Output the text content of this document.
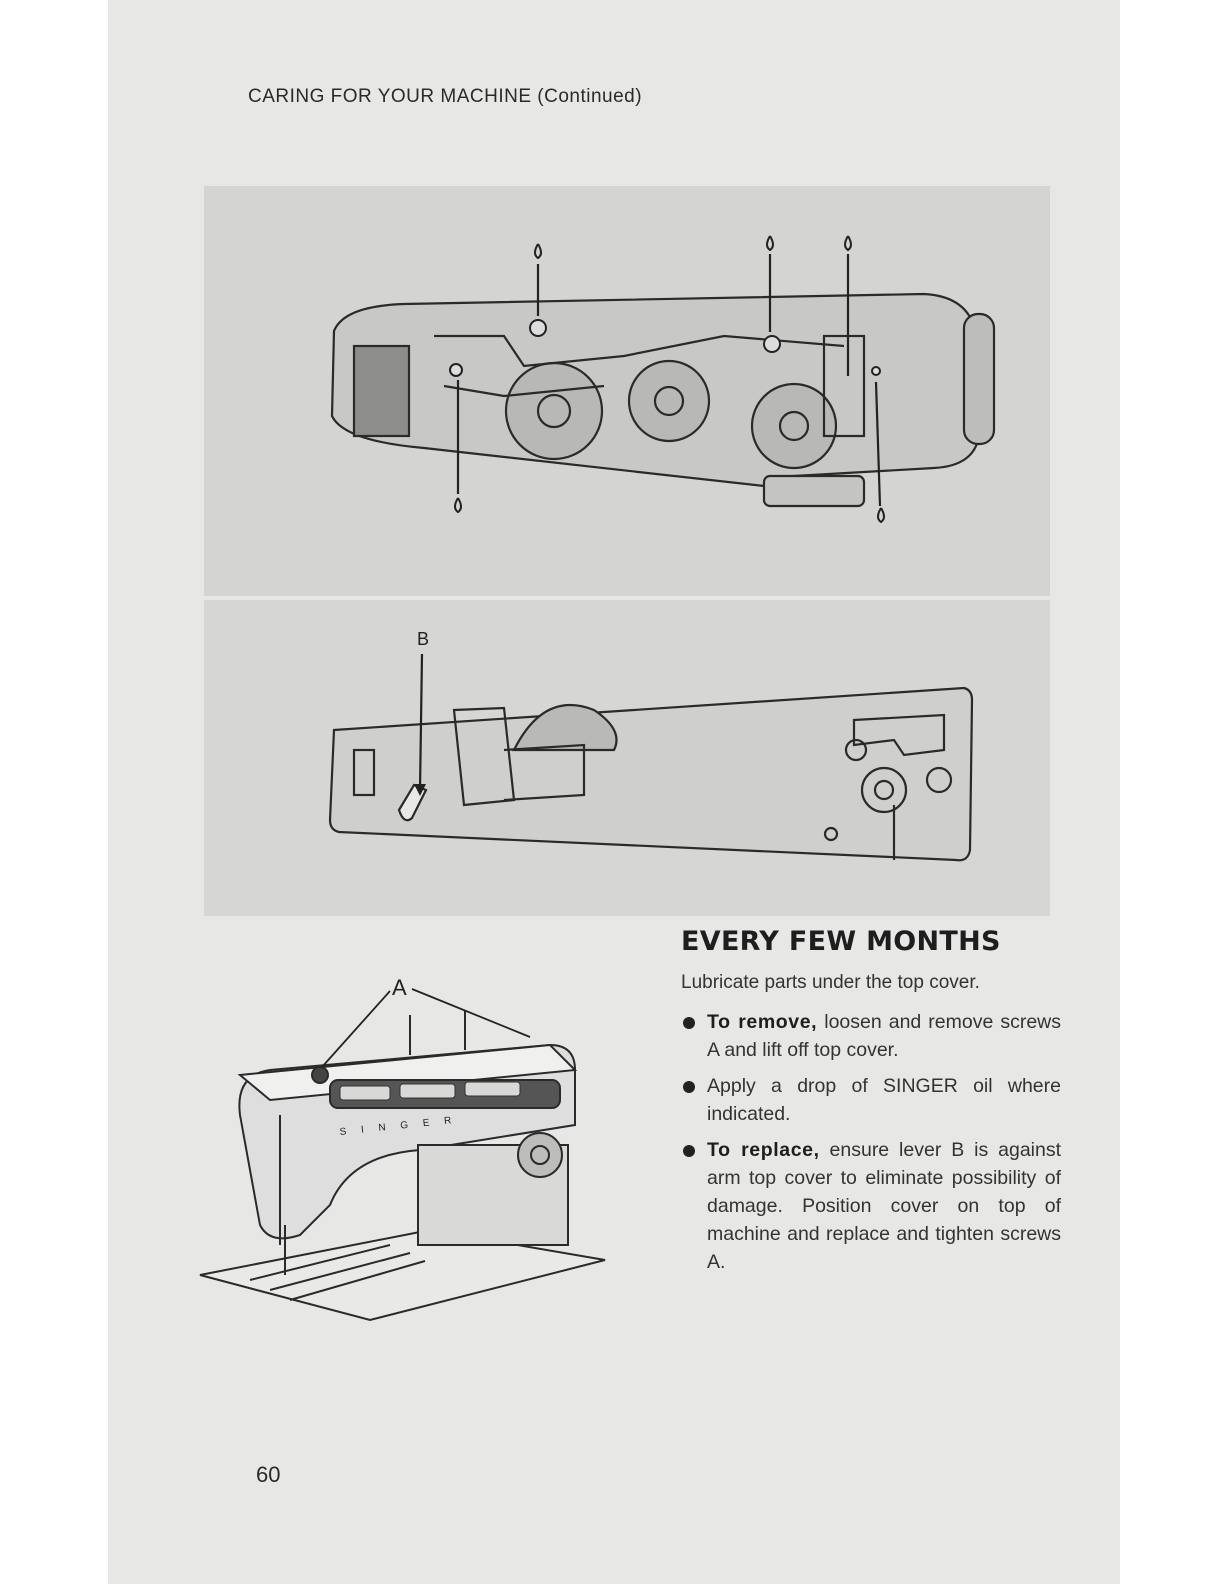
CARING FOR YOUR MACHINE (Continued)
B
S I N G E R
A
EVERY FEW MONTHS
Lubricate parts under the top cover.
To remove, loosen and remove screws A and lift off top cover.
Apply a drop of SINGER oil where indicated.
To replace, ensure lever B is against arm top cover to eliminate possibility of damage. Position cover on top of machine and replace and tighten screws A.
60
